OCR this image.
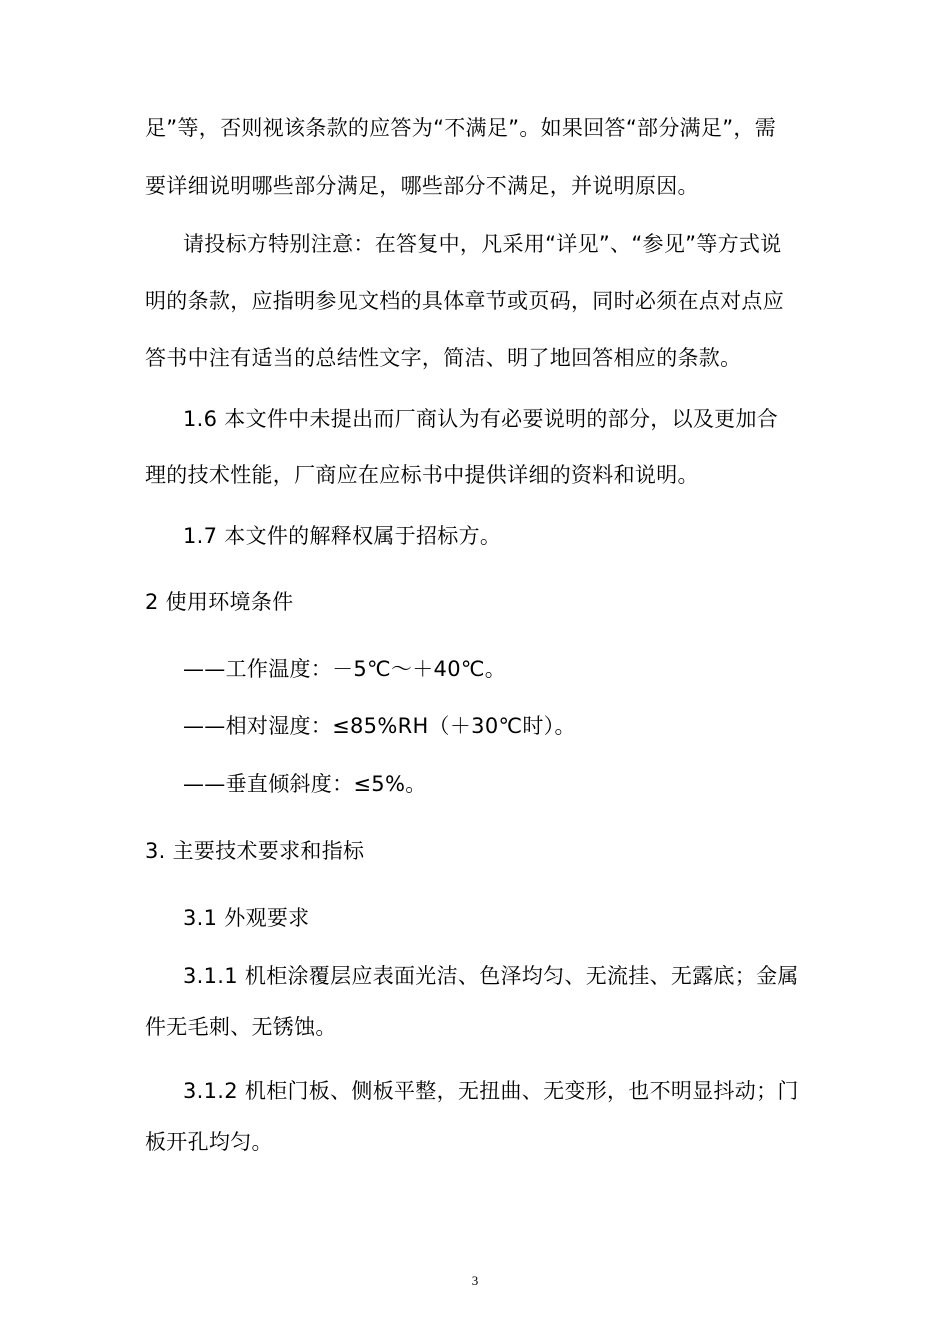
足”等，否则视该条款的应答为“不满足”。如果回答“部分满足”，需
要详细说明哪些部分满足，哪些部分不满足，并说明原因。
请投标方特别注意：在答复中，凡采用“详见”、“参见”等方式说
明的条款，应指明参见文档的具体章节或页码，同时必须在点对点应
答书中注有适当的总结性文字，简洁、明了地回答相应的条款。
1.6 本文件中未提出而厂商认为有必要说明的部分，以及更加合
理的技术性能，厂商应在应标书中提供详细的资料和说明。
1.7 本文件的解释权属于招标方。
2 使用环境条件
——工作温度：－5℃～＋40℃。
——相对湿度：≤85%RH（＋30℃时）。
——垂直倾斜度：≤5%。
3. 主要技术要求和指标
3.1 外观要求
3.1.1 机柜涂覆层应表面光洁、色泽均匀、无流挂、无露底；金属
件无毛刺、无锈蚀。
3.1.2 机柜门板、侧板平整，无扭曲、无变形，也不明显抖动；门
板开孔均匀。
3
